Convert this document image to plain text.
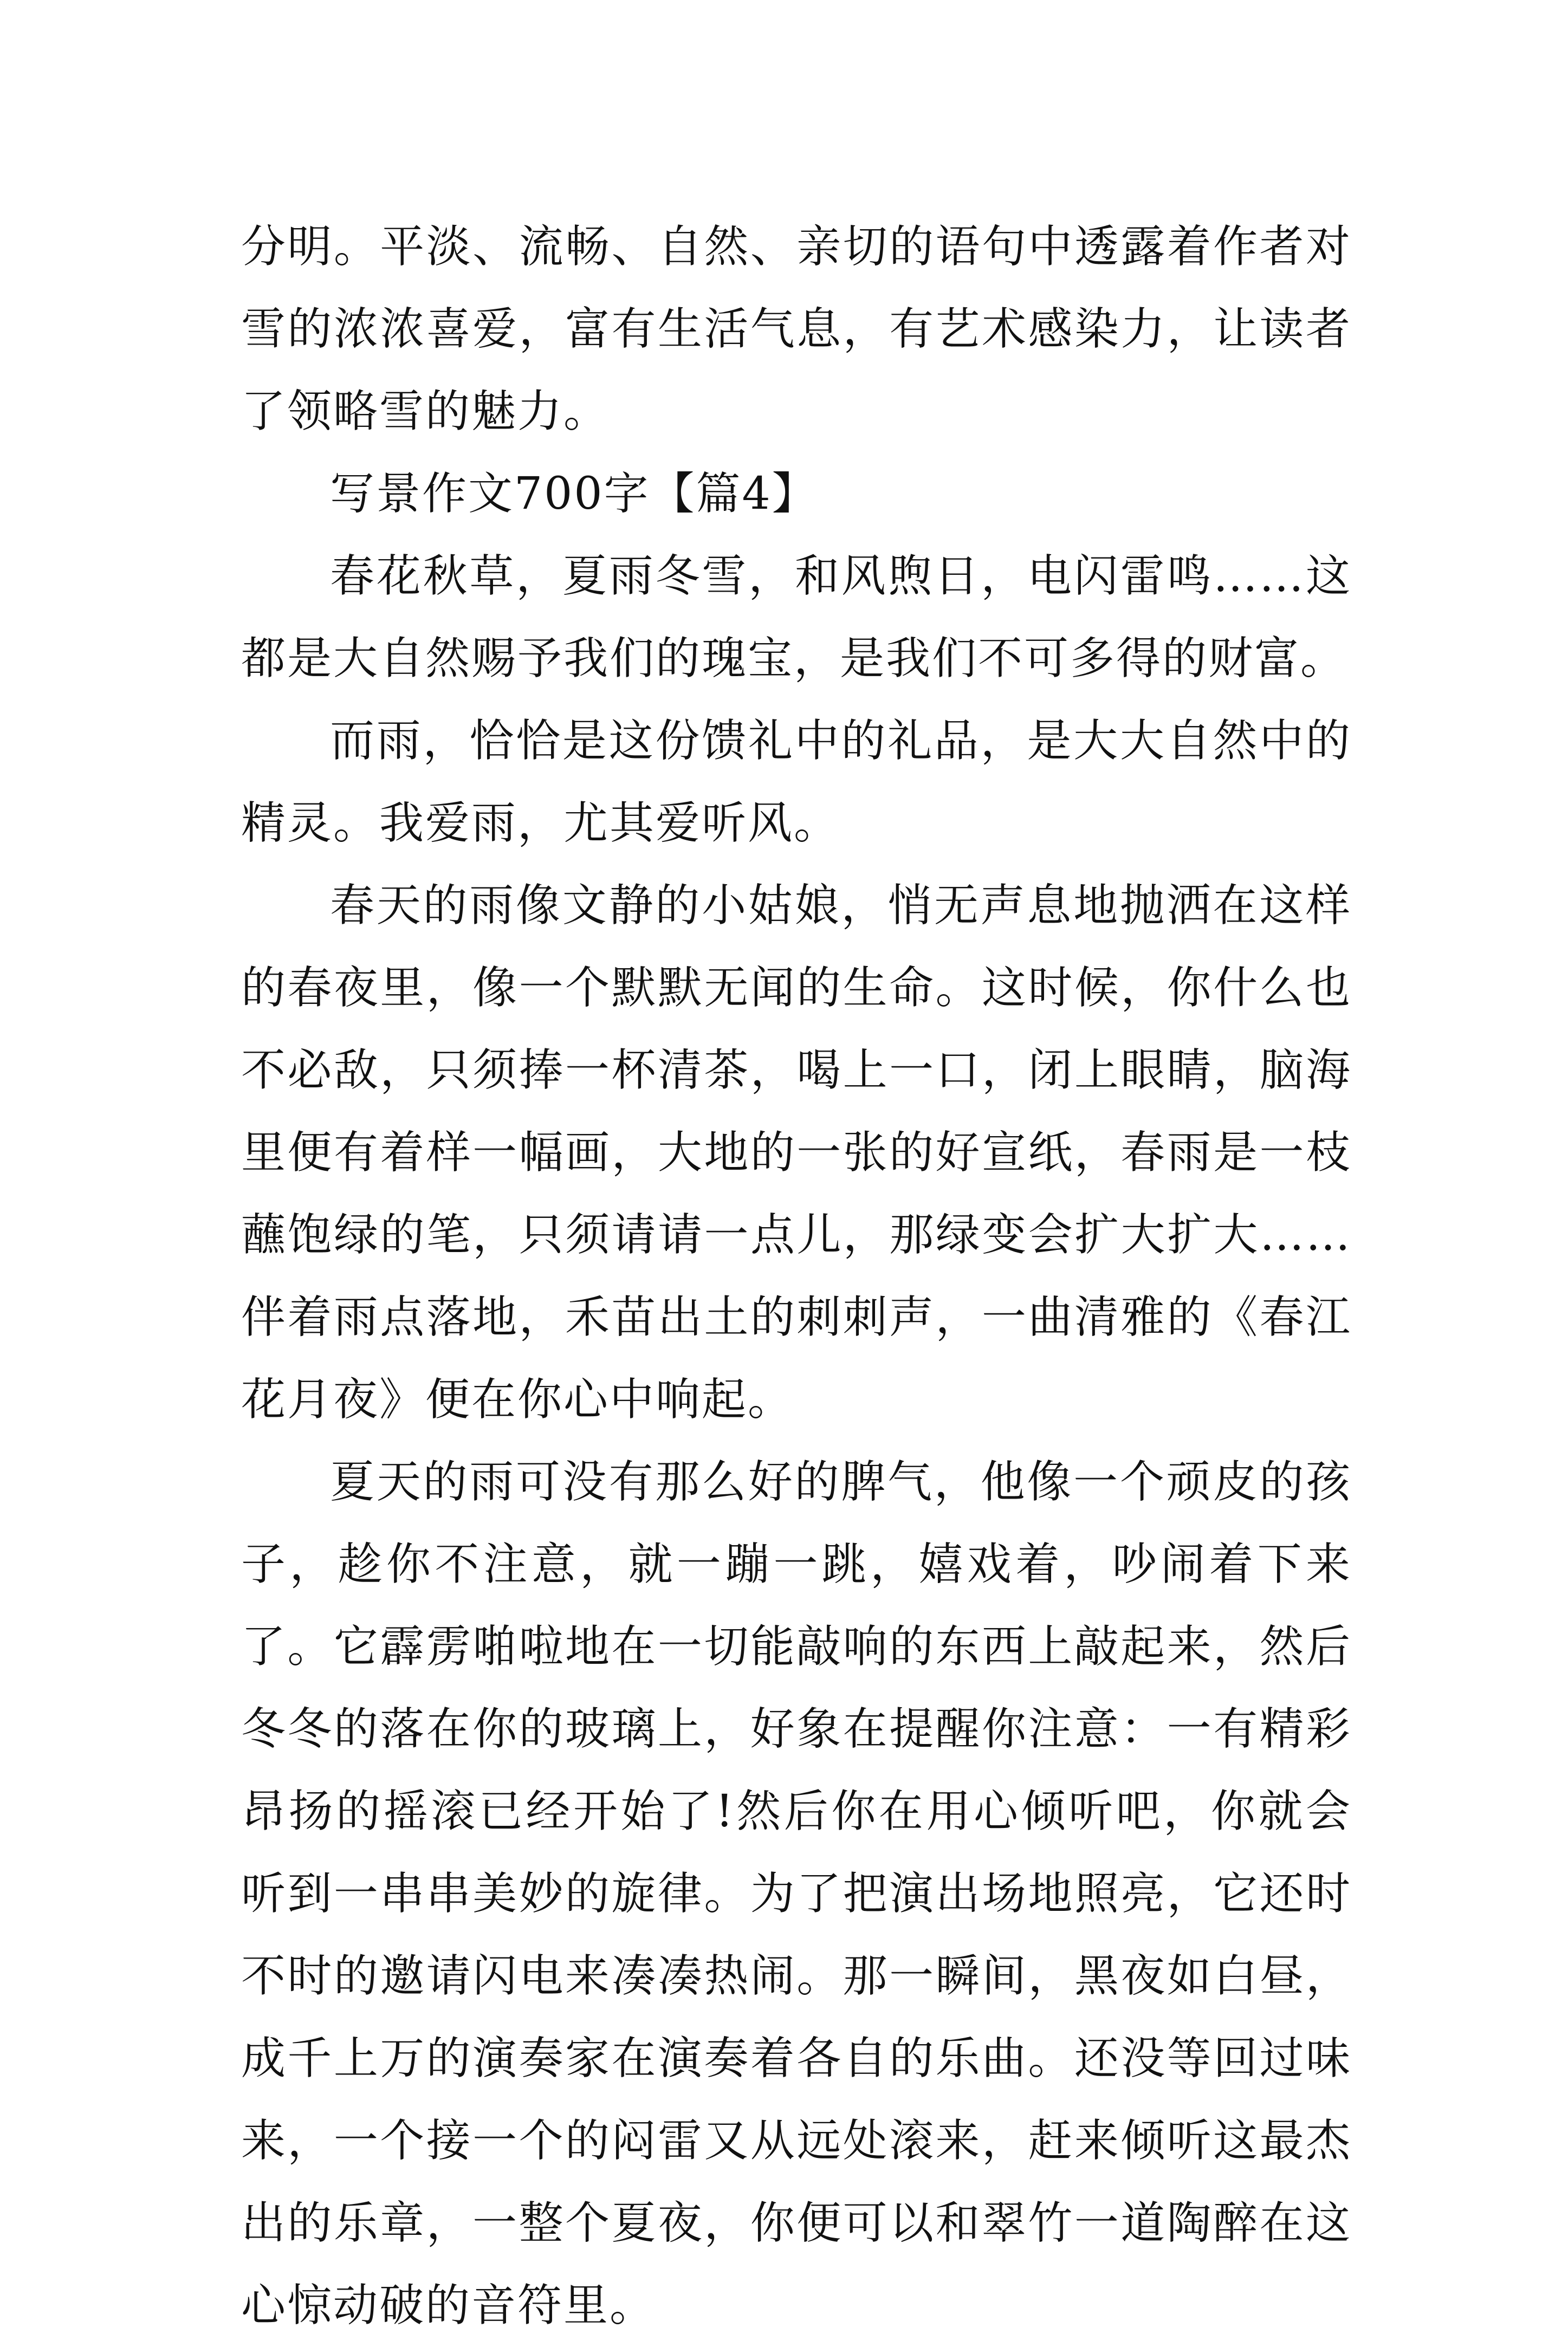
分明。平淡、流畅、自然、亲切的语句中透露着作者对雪的浓浓喜爱，富有生活气息，有艺术感染力，让读者了领略雪的魅力。

写景作文700字【篇4】

春花秋草，夏雨冬雪，和风煦日，电闪雷鸣……这都是大自然赐予我们的瑰宝，是我们不可多得的财富。

而雨，恰恰是这份馈礼中的礼品，是大大自然中的精灵。我爱雨，尤其爱听风。

春天的雨像文静的小姑娘，悄无声息地抛洒在这样的春夜里，像一个默默无闻的生命。这时候，你什么也不必敌，只须捧一杯清茶，喝上一口，闭上眼睛，脑海里便有着样一幅画，大地的一张的好宣纸，春雨是一枝蘸饱绿的笔，只须请请一点儿，那绿变会扩大扩大……伴着雨点落地，禾苗出土的刺刺声，一曲清雅的《春江花月夜》便在你心中响起。

夏天的雨可没有那么好的脾气，他像一个顽皮的孩子，趁你不注意，就一蹦一跳，嬉戏着，吵闹着下来了。它霹雳啪啦地在一切能敲响的东西上敲起来，然后冬冬的落在你的玻璃上，好象在提醒你注意：一有精彩昂扬的摇滚已经开始了!然后你在用心倾听吧，你就会听到一串串美妙的旋律。为了把演出场地照亮，它还时不时的邀请闪电来凑凑热闹。那一瞬间，黑夜如白昼，成千上万的演奏家在演奏着各自的乐曲。还没等回过味来，一个接一个的闷雷又从远处滚来，赶来倾听这最杰出的乐章，一整个夏夜，你便可以和翠竹一道陶醉在这心惊动破的音符里。
